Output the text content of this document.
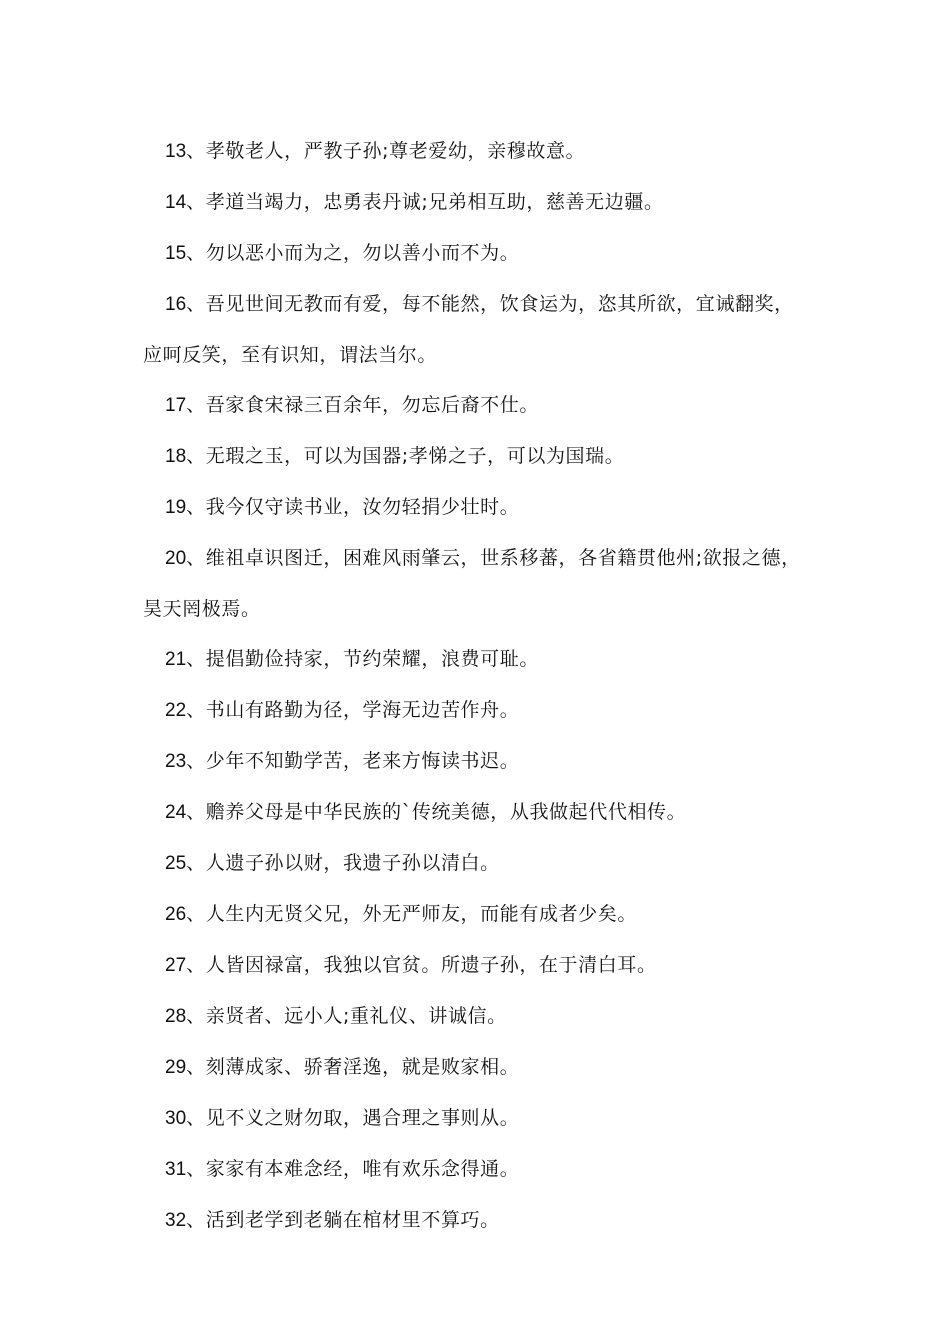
13、孝敬老人，严教子孙;尊老爱幼，亲穆故意。

14、孝道当竭力，忠勇表丹诚;兄弟相互助，慈善无边疆。

15、勿以恶小而为之，勿以善小而不为。

16、吾见世间无教而有爱，每不能然，饮食运为，恣其所欲，宜诫翻奖，应呵反笑，至有识知，谓法当尔。

17、吾家食宋禄三百余年，勿忘后裔不仕。

18、无瑕之玉，可以为国器;孝悌之子，可以为国瑞。

19、我今仅守读书业，汝勿轻捐少壮时。

20、维祖卓识图迁，困难风雨肇云，世系移蕃，各省籍贯他州;欲报之德，昊天罔极焉。

21、提倡勤俭持家，节约荣耀，浪费可耻。

22、书山有路勤为径，学海无边苦作舟。

23、少年不知勤学苦，老来方悔读书迟。

24、赡养父母是中华民族的`传统美德，从我做起代代相传。

25、人遗子孙以财，我遗子孙以清白。

26、人生内无贤父兄，外无严师友，而能有成者少矣。

27、人皆因禄富，我独以官贫。所遗子孙，在于清白耳。

28、亲贤者、远小人;重礼仪、讲诚信。

29、刻薄成家、骄奢淫逸，就是败家相。

30、见不义之财勿取，遇合理之事则从。

31、家家有本难念经，唯有欢乐念得通。

32、活到老学到老躺在棺材里不算巧。
